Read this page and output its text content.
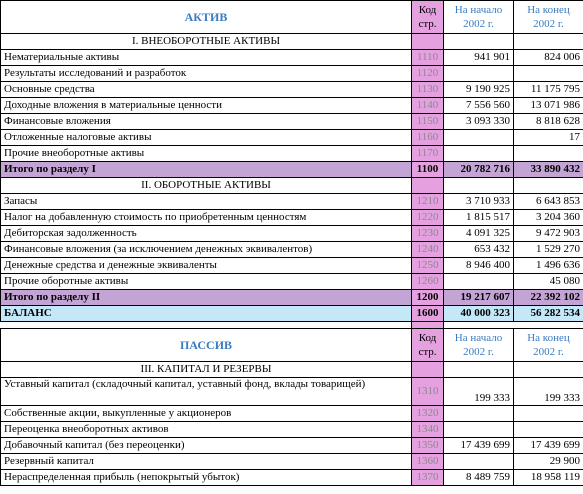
АКТИВ	Код стр.	На начало 2002 г.	На конец 2002 г.
I. ВНЕОБОРОТНЫЕ АКТИВЫ			
Нематериальные активы	1110	941 901	824 006
Результаты исследований и разработок	1120		
Основные средства	1130	9 190 925	11 175 795
Доходные вложения в материальные ценности	1140	7 556 560	13 071 986
Финансовые вложения	1150	3 093 330	8 818 628
Отложенные налоговые активы	1160		17
Прочие внеоборотные активы	1170		
Итого по разделу I	1100	20 782 716	33 890 432
II. ОБОРОТНЫЕ АКТИВЫ			
Запасы	1210	3 710 933	6 643 853
Налог на добавленную стоимость по приобретенным ценностям	1220	1 815 517	3 204 360
Дебиторская задолженность	1230	4 091 325	9 472 903
Финансовые вложения (за исключением денежных эквивалентов)	1240	653 432	1 529 270
Денежные средства и денежные эквиваленты	1250	8 946 400	1 496 636
Прочие оборотные активы	1260		45 080
Итого по разделу II	1200	19 217 607	22 392 102
БАЛАНС	1600	40 000 323	56 282 534

ПАССИВ	Код стр.	На начало 2002 г.	На конец 2002 г.
III. КАПИТАЛ И РЕЗЕРВЫ			
Уставный капитал (складочный капитал, уставный фонд, вклады товарищей)	1310	199 333	199 333
Собственные акции, выкупленные у акционеров	1320		
Переоценка внеоборотных активов	1340		
Добавочный капитал (без переоценки)	1350	17 439 699	17 439 699
Резервный капитал	1360		29 900
Нераспределенная прибыль (непокрытый убыток)	1370	8 489 759	18 958 119
